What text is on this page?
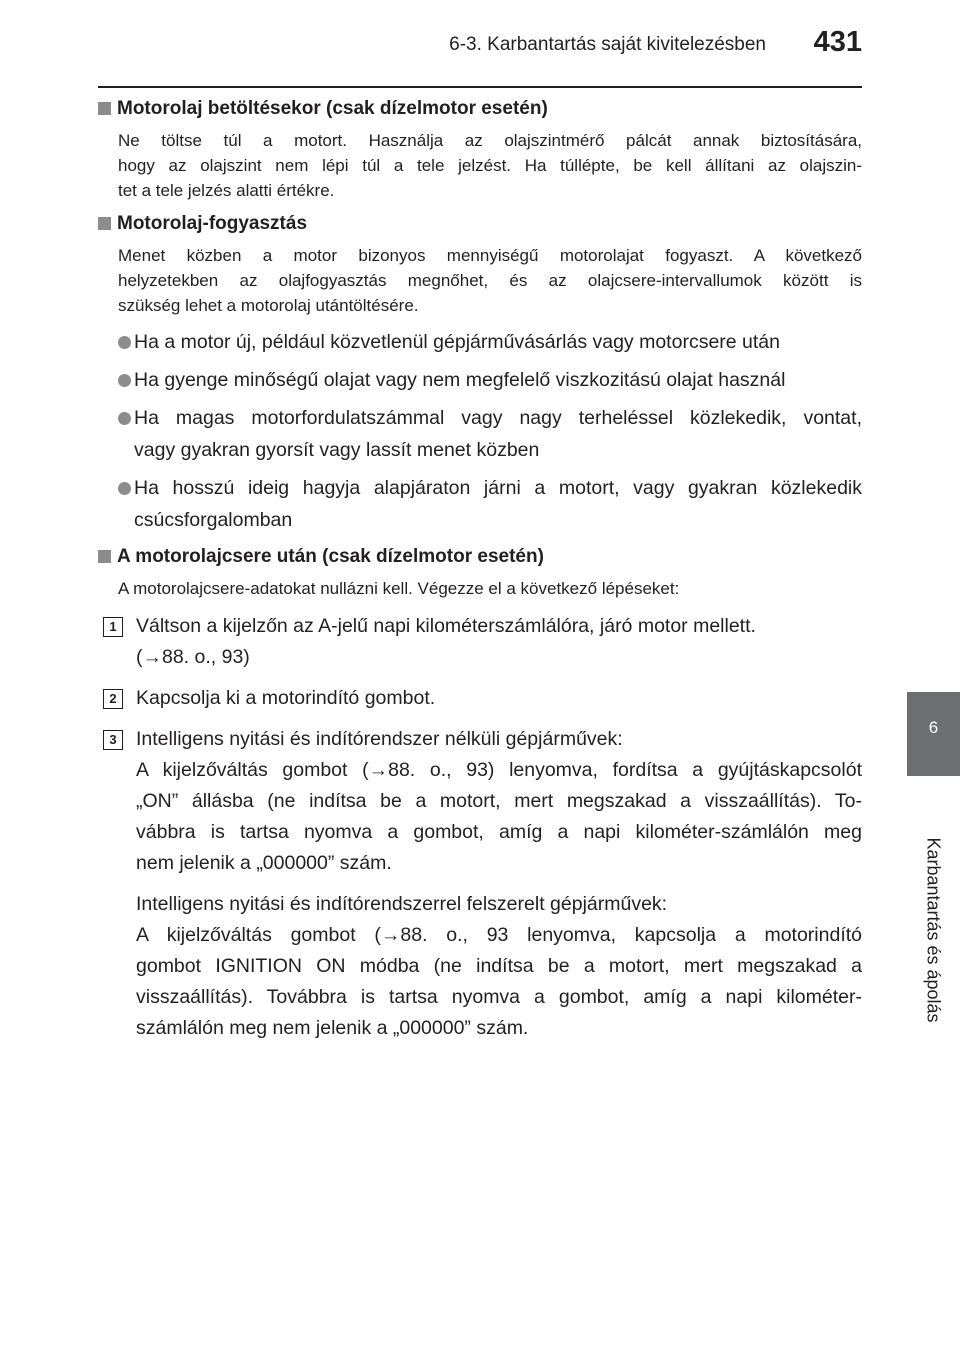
6-3. Karbantartás saját kivitelezésben 431
6
Karbantartás és ápolás
Motorolaj betöltésekor (csak dízelmotor esetén)
Ne töltse túl a motort. Használja az olajszintmérő pálcát annak biztosítására,
hogy az olajszint nem lépi túl a tele jelzést. Ha túllépte, be kell állítani az olajszin-
tet a tele jelzés alatti értékre.
Motorolaj-fogyasztás
Menet közben a motor bizonyos mennyiségű motorolajat fogyaszt. A következő
helyzetekben az olajfogyasztás megnőhet, és az olajcsere-intervallumok között is
szükség lehet a motorolaj utántöltésére.
Ha a motor új, például közvetlenül gépjárművásárlás vagy motorcsere után
Ha gyenge minőségű olajat vagy nem megfelelő viszkozitású olajat használ
Ha magas motorfordulatszámmal vagy nagy terheléssel közlekedik, vontat,
vagy gyakran gyorsít vagy lassít menet közben
Ha hosszú ideig hagyja alapjáraton járni a motort, vagy gyakran közlekedik
csúcsforgalomban
A motorolajcsere után (csak dízelmotor esetén)
A motorolajcsere-adatokat nullázni kell. Végezze el a következő lépéseket:
1 Váltson a kijelzőn az A-jelű napi kilométerszámlálóra, járó motor mellett.
(→88. o., 93)
2 Kapcsolja ki a motorindító gombot.
3 Intelligens nyitási és indítórendszer nélküli gépjárművek:
A kijelzőváltás gombot (→88. o., 93) lenyomva, fordítsa a gyújtáskapcsolót
„ON” állásba (ne indítsa be a motort, mert megszakad a visszaállítás). To-
vábbra is tartsa nyomva a gombot, amíg a napi kilométer-számlálón meg
nem jelenik a „000000” szám.
Intelligens nyitási és indítórendszerrel felszerelt gépjárművek:
A kijelzőváltás gombot (→88. o., 93 lenyomva, kapcsolja a motorindító
gombot IGNITION ON módba (ne indítsa be a motort, mert megszakad a
visszaállítás). Továbbra is tartsa nyomva a gombot, amíg a napi kilométer-
számlálón meg nem jelenik a „000000” szám.
